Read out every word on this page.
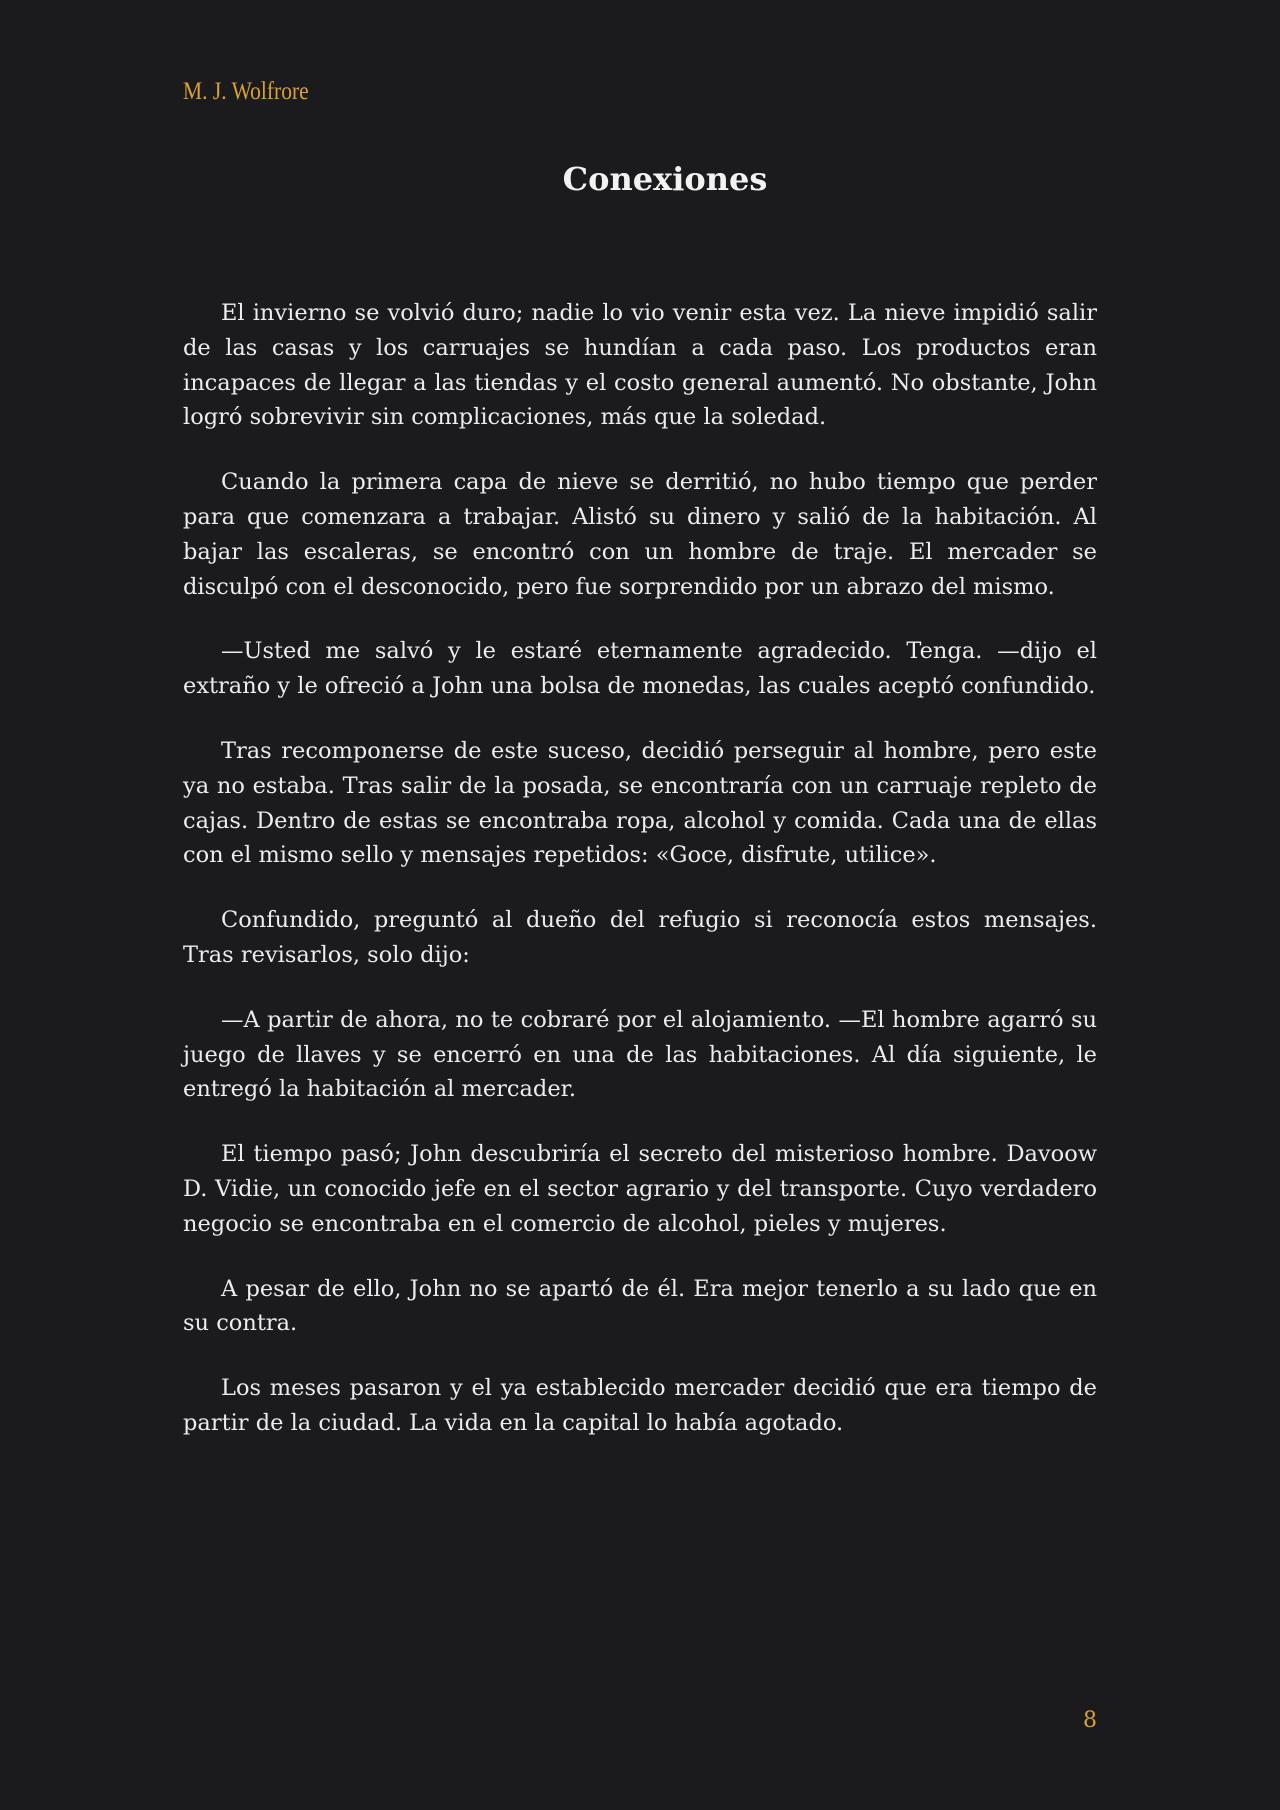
M. J. Wolfrore
Conexiones

El invierno se volvió duro; nadie lo vio venir esta vez. La nieve impidió salir de las casas y los carruajes se hundían a cada paso. Los productos eran incapaces de llegar a las tiendas y el costo general aumentó. No obstante, John logró sobrevivir sin complicaciones, más que la soledad.

Cuando la primera capa de nieve se derritió, no hubo tiempo que perder para que comenzara a trabajar. Alistó su dinero y salió de la habitación. Al bajar las escaleras, se encontró con un hombre de traje. El mercader se disculpó con el desconocido, pero fue sorprendido por un abrazo del mismo.

—Usted me salvó y le estaré eternamente agradecido. Tenga. —dijo el extraño y le ofreció a John una bolsa de monedas, las cuales aceptó confundido.

Tras recomponerse de este suceso, decidió perseguir al hombre, pero este ya no estaba. Tras salir de la posada, se encontraría con un carruaje repleto de cajas. Dentro de estas se encontraba ropa, alcohol y comida. Cada una de ellas con el mismo sello y mensajes repetidos: «Goce, disfrute, utilice».

Confundido, preguntó al dueño del refugio si reconocía estos mensajes. Tras revisarlos, solo dijo:

—A partir de ahora, no te cobraré por el alojamiento. —El hombre agarró su juego de llaves y se encerró en una de las habitaciones. Al día siguiente, le entregó la habitación al mercader.

El tiempo pasó; John descubriría el secreto del misterioso hombre. Davoow D. Vidie, un conocido jefe en el sector agrario y del transporte. Cuyo verdadero negocio se encontraba en el comercio de alcohol, pieles y mujeres.

A pesar de ello, John no se apartó de él. Era mejor tenerlo a su lado que en su contra.

Los meses pasaron y el ya establecido mercader decidió que era tiempo de partir de la ciudad. La vida en la capital lo había agotado.

8
